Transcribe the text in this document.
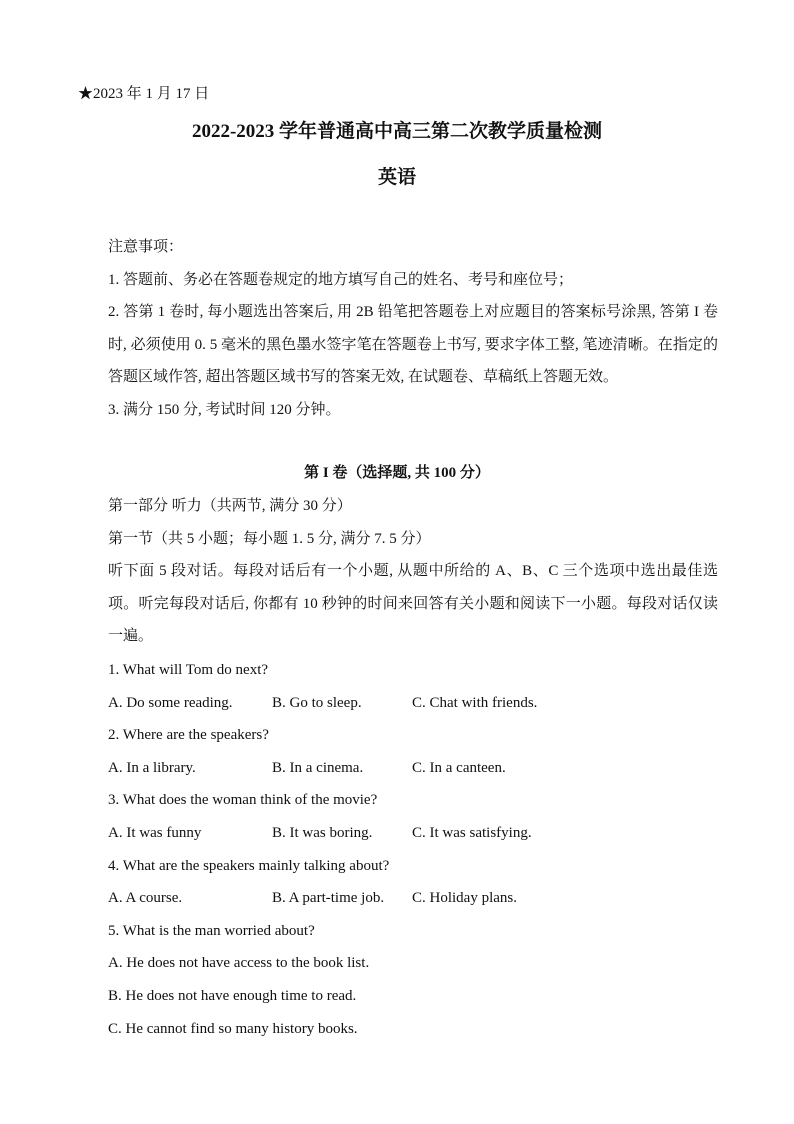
★2023 年 1 月 17 日
2022-2023 学年普通高中高三第二次教学质量检测
英语
注意事项：
1. 答题前、务必在答题卷规定的地方填写自己的姓名、考号和座位号；
2. 答第 1 卷时, 每小题选出答案后, 用 2B 铅笔把答题卷上对应题目的答案标号涂黑, 答第 I 卷时, 必须使用 0. 5 毫米的黑色墨水签字笔在答题卷上书写, 要求字体工整, 笔迹清晰。在指定的答题区域作答, 超出答题区域书写的答案无效, 在试题卷、草稿纸上答题无效。
3. 满分 150 分, 考试时间 120 分钟。
第 I 卷（选择题, 共 100 分）
第一部分 听力（共两节, 满分 30 分）
第一节（共 5 小题；每小题 1. 5 分, 满分 7. 5 分）
听下面 5 段对话。每段对话后有一个小题, 从题中所给的 A、B、C 三个选项中选出最佳选项。听完每段对话后, 你都有 10 秒钟的时间来回答有关小题和阅读下一小题。每段对话仅读一遍。
1. What will Tom do next?
A. Do some reading.	B. Go to sleep.	C. Chat with friends.
2. Where are the speakers?
A. In a library.	B. In a cinema.	C. In a canteen.
3. What does the woman think of the movie?
A. It was funny	B. It was boring.	C. It was satisfying.
4. What are the speakers mainly talking about?
A. A course.	B. A part-time job. C. Holiday plans.
5. What is the man worried about?
A. He does not have access to the book list.
B. He does not have enough time to read.
C. He cannot find so many history books.
